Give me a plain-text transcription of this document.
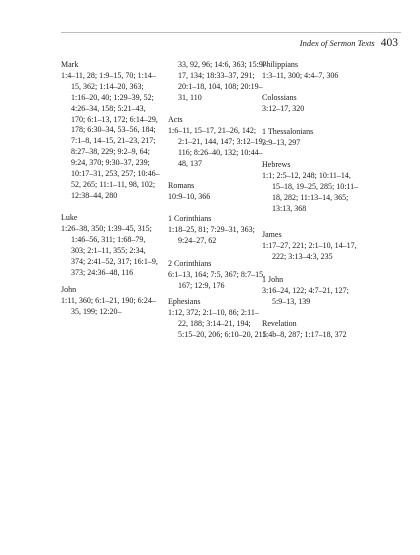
Index of Sermon Texts 403

Mark

1:4–11, 28; 1:9–15, 70; 1:14–15, 362; 1:14–20, 363; 1:16–20, 40; 1:29–39, 52; 4:26–34, 158; 5:21–43, 170; 6:1–13, 172; 6:14–29, 178; 6:30–34, 53–56, 184; 7:1–8, 14–15, 21–23, 217; 8:27–38, 229; 9:2–9, 64; 9:24, 370; 9:30–37, 239; 10:17–31, 253, 257; 10:46–52, 265; 11:1–11, 98, 102; 12:38–44, 280

Luke

1:26–38, 350; 1:39–45, 315; 1:46–56, 311; 1:68–79, 303; 2:1–11, 355; 2:34, 374; 2:41–52, 317; 16:1–9, 373; 24:36–48, 116

John

1:11, 360; 6:1–21, 190; 6:24–35, 199; 12:20–

33, 92, 96; 14:6, 363; 15:9–17, 134; 18:33–37, 291; 20:1–18, 104, 108; 20:19–31, 110

Acts

1:6–11, 15–17, 21–26, 142; 2:1–21, 144, 147; 3:12–19, 116; 8:26–40, 132; 10:44–48, 137

Romans

10:9–10, 366

1 Corinthians

1:18–25, 81; 7:29–31, 363; 9:24–27, 62

2 Corinthians

6:1–13, 164; 7:5, 367; 8:7–15, 167; 12:9, 176

Ephesians

1:12, 372; 2:1–10, 86; 2:11–22, 188; 3:14–21, 194; 5:15–20, 206; 6:10–20, 215

Philippians

1:3–11, 300; 4:4–7, 306

Colossians

3:12–17, 320

1 Thessalonians

3:9–13, 297

Hebrews

1:1; 2:5–12, 248; 10:11–14, 15–18, 19–25, 285; 10:11–18, 282; 11:13–14, 365; 13:13, 368

James

1:17–27, 221; 2:1–10, 14–17, 222; 3:13–4:3, 235

1 John

3:16–24, 122; 4:7–21, 127; 5:9–13, 139

Revelation

1:4b–8, 287; 1:17–18, 372
